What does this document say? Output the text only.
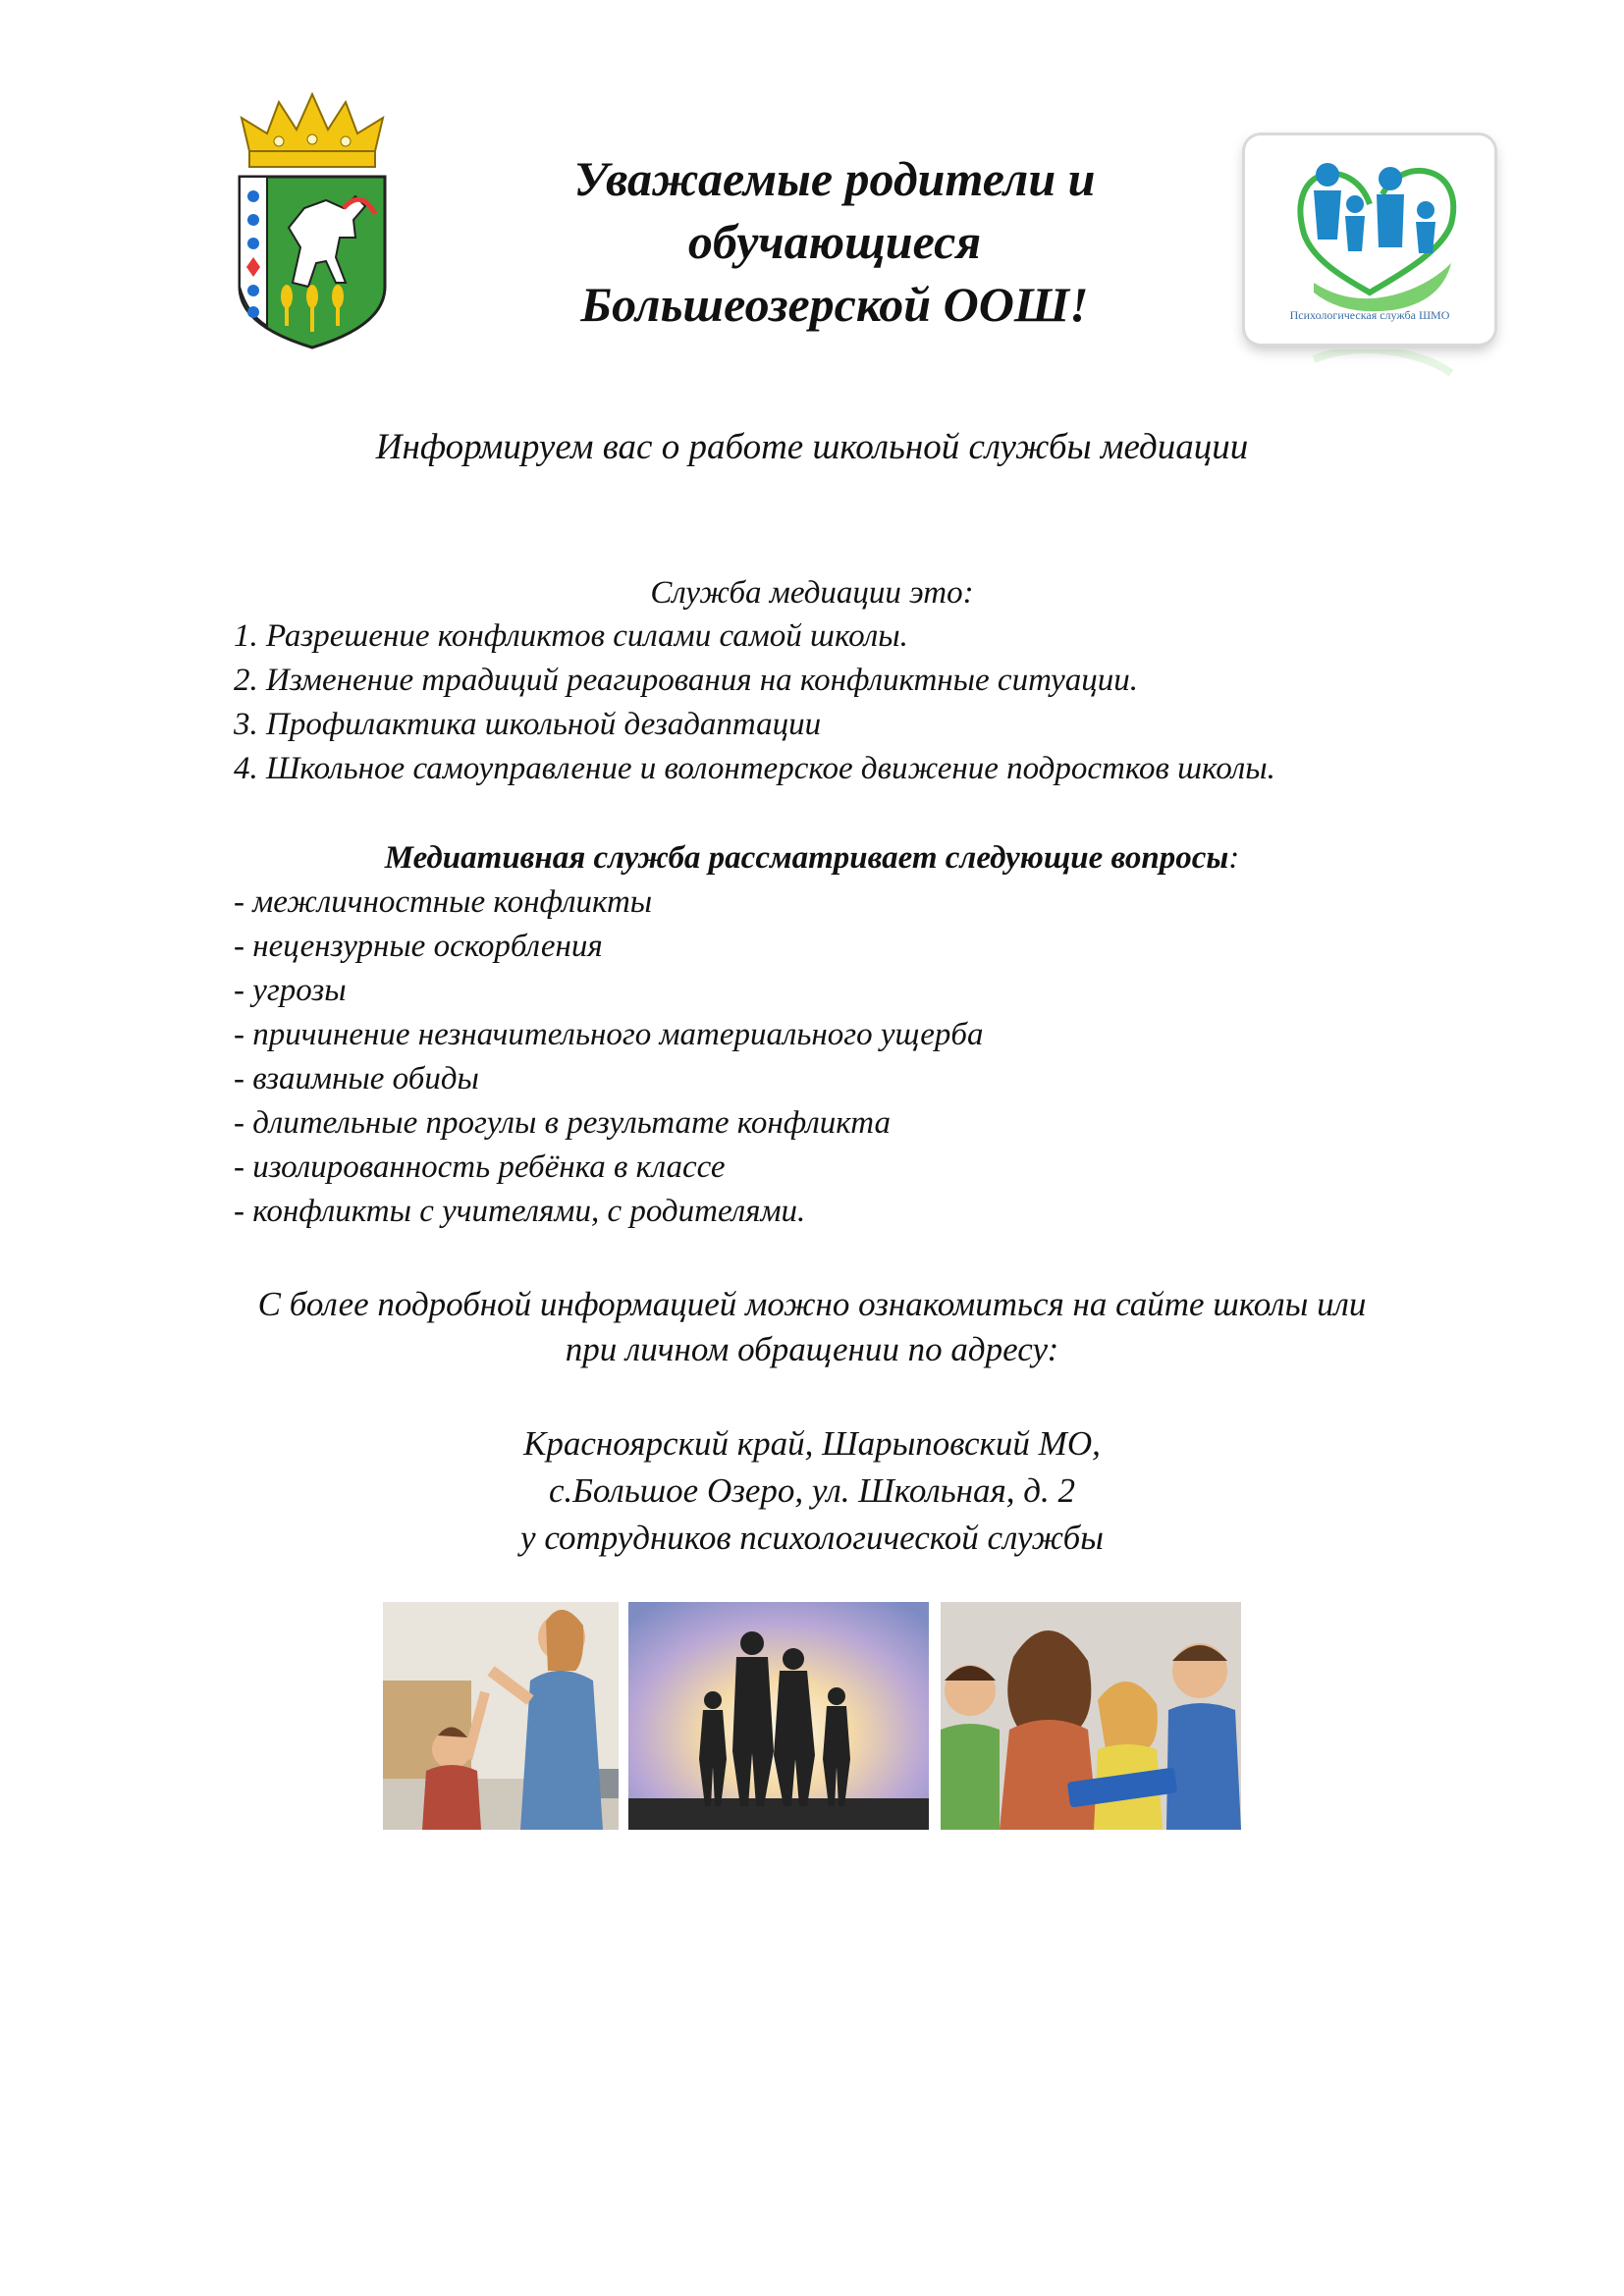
Уважаемые родители и
обучающиеся
Большеозерской ООШ!	Психологическая служба ШМО
Информируем вас о работе школьной службы медиации
Служба медиации это:
1. Разрешение конфликтов силами самой школы.
2. Изменение традиций реагирования на конфликтные ситуации.
3. Профилактика школьной дезадаптации
4. Школьное самоуправление и волонтерское движение подростков школы.
Медиативная служба рассматривает следующие вопросы:
- межличностные конфликты
- нецензурные оскорбления
- угрозы
- причинение незначительного материального ущерба
- взаимные обиды
- длительные прогулы в результате конфликта
- изолированность ребёнка в классе
- конфликты с учителями, с родителями.
С более подробной информацией можно ознакомиться на сайте школы или
при личном обращении по адресу:
Красноярский край, Шарыповский МО,
с.Большое Озеро, ул. Школьная, д. 2
у сотрудников психологической службы
